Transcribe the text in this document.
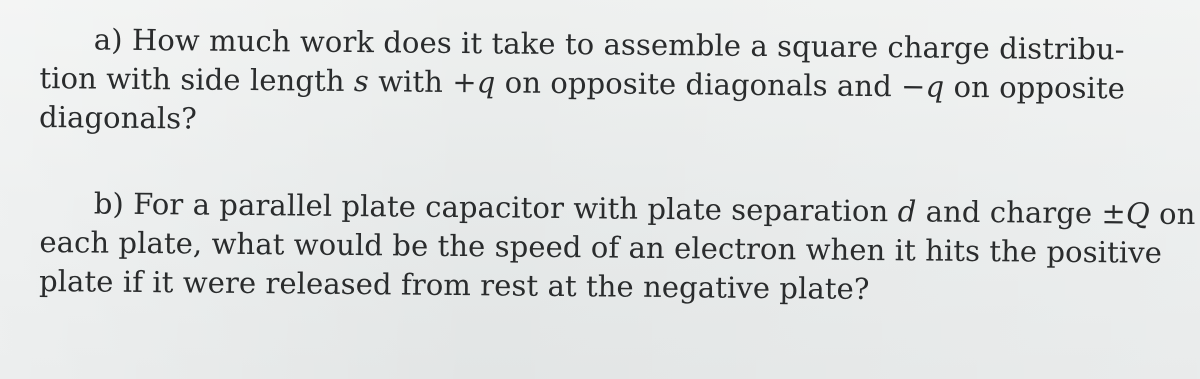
a) How much work does it take to assemble a square charge distribu-
tion with side length s with +q on opposite diagonals and −q on opposite
diagonals?
b) For a parallel plate capacitor with plate separation d and charge ±Q on
each plate, what would be the speed of an electron when it hits the positive
plate if it were released from rest at the negative plate?
